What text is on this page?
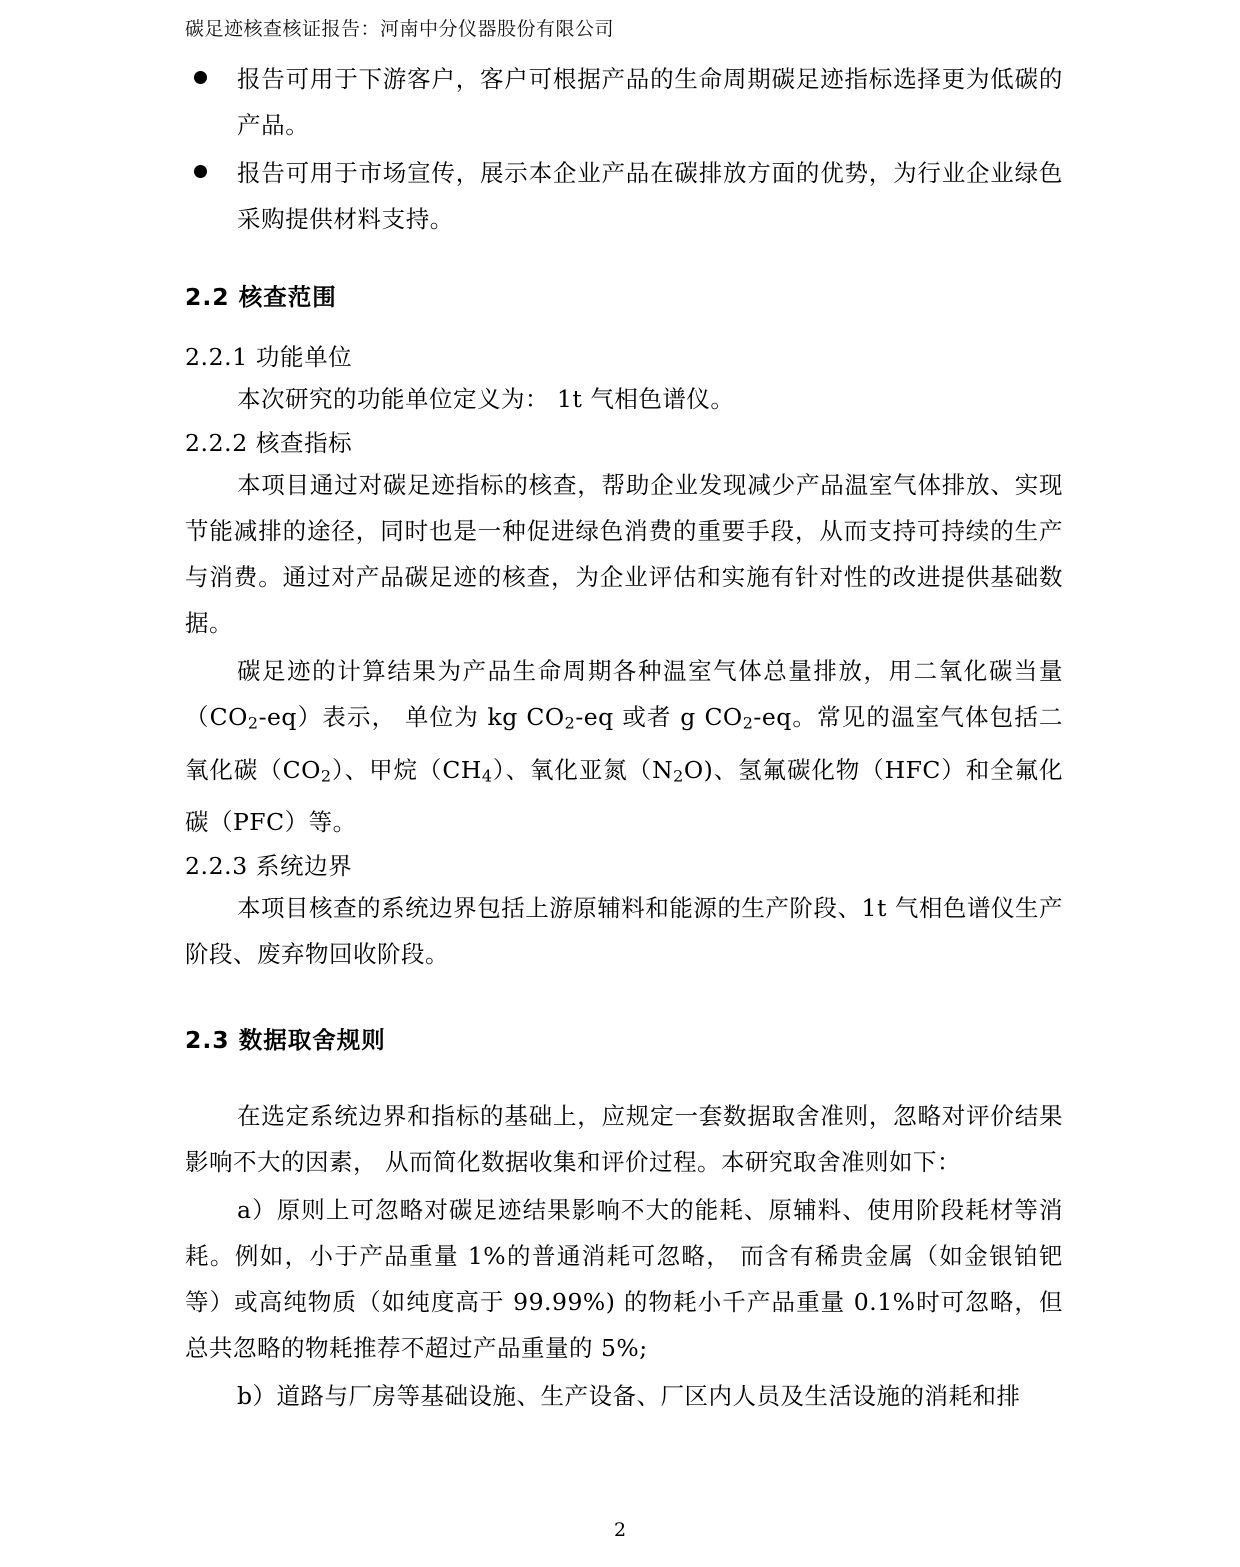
碳足迹核查核证报告：河南中分仪器股份有限公司
报告可用于下游客户，客户可根据产品的生命周期碳足迹指标选择更为低碳的产品。
报告可用于市场宣传，展示本企业产品在碳排放方面的优势，为行业企业绿色采购提供材料支持。
2.2 核查范围
2.2.1 功能单位

本次研究的功能单位定义为： 1t 气相色谱仪。

2.2.2 核查指标

本项目通过对碳足迹指标的核查，帮助企业发现减少产品温室气体排放、实现节能减排的途径，同时也是一种促进绿色消费的重要手段，从而支持可持续的生产与消费。通过对产品碳足迹的核查，为企业评估和实施有针对性的改进提供基础数据。

碳足迹的计算结果为产品生命周期各种温室气体总量排放，用二氧化碳当量$(CO_2-eq)$表示， 单位为 kg $CO_2-eq$ 或者 g $CO_2-eq$。常见的温室气体包括二氧化碳$(CO_2)$、甲烷$(CH_4)$、氧化亚氮$(N_2O)$、氢氟碳化物（HFC）和全氟化碳（PFC）等。

2.2.3 系统边界

本项目核查的系统边界包括上游原辅料和能源的生产阶段、1t 气相色谱仪生产阶段、废弃物回收阶段。

2.3 数据取舍规则

在选定系统边界和指标的基础上，应规定一套数据取舍准则，忽略对评价结果影响不大的因素， 从而简化数据收集和评价过程。本研究取舍准则如下：

a）原则上可忽略对碳足迹结果影响不大的能耗、原辅料、使用阶段耗材等消耗。例如，小于产品重量 1%的普通消耗可忽略， 而含有稀贵金属（如金银铂钯等）或高纯物质（如纯度高于 99.99%) 的物耗小千产品重量 0.1%时可忽略，但总共忽略的物耗推荐不超过产品重量的 5%;

b）道路与厂房等基础设施、生产设备、厂区内人员及生活设施的消耗和排

2
